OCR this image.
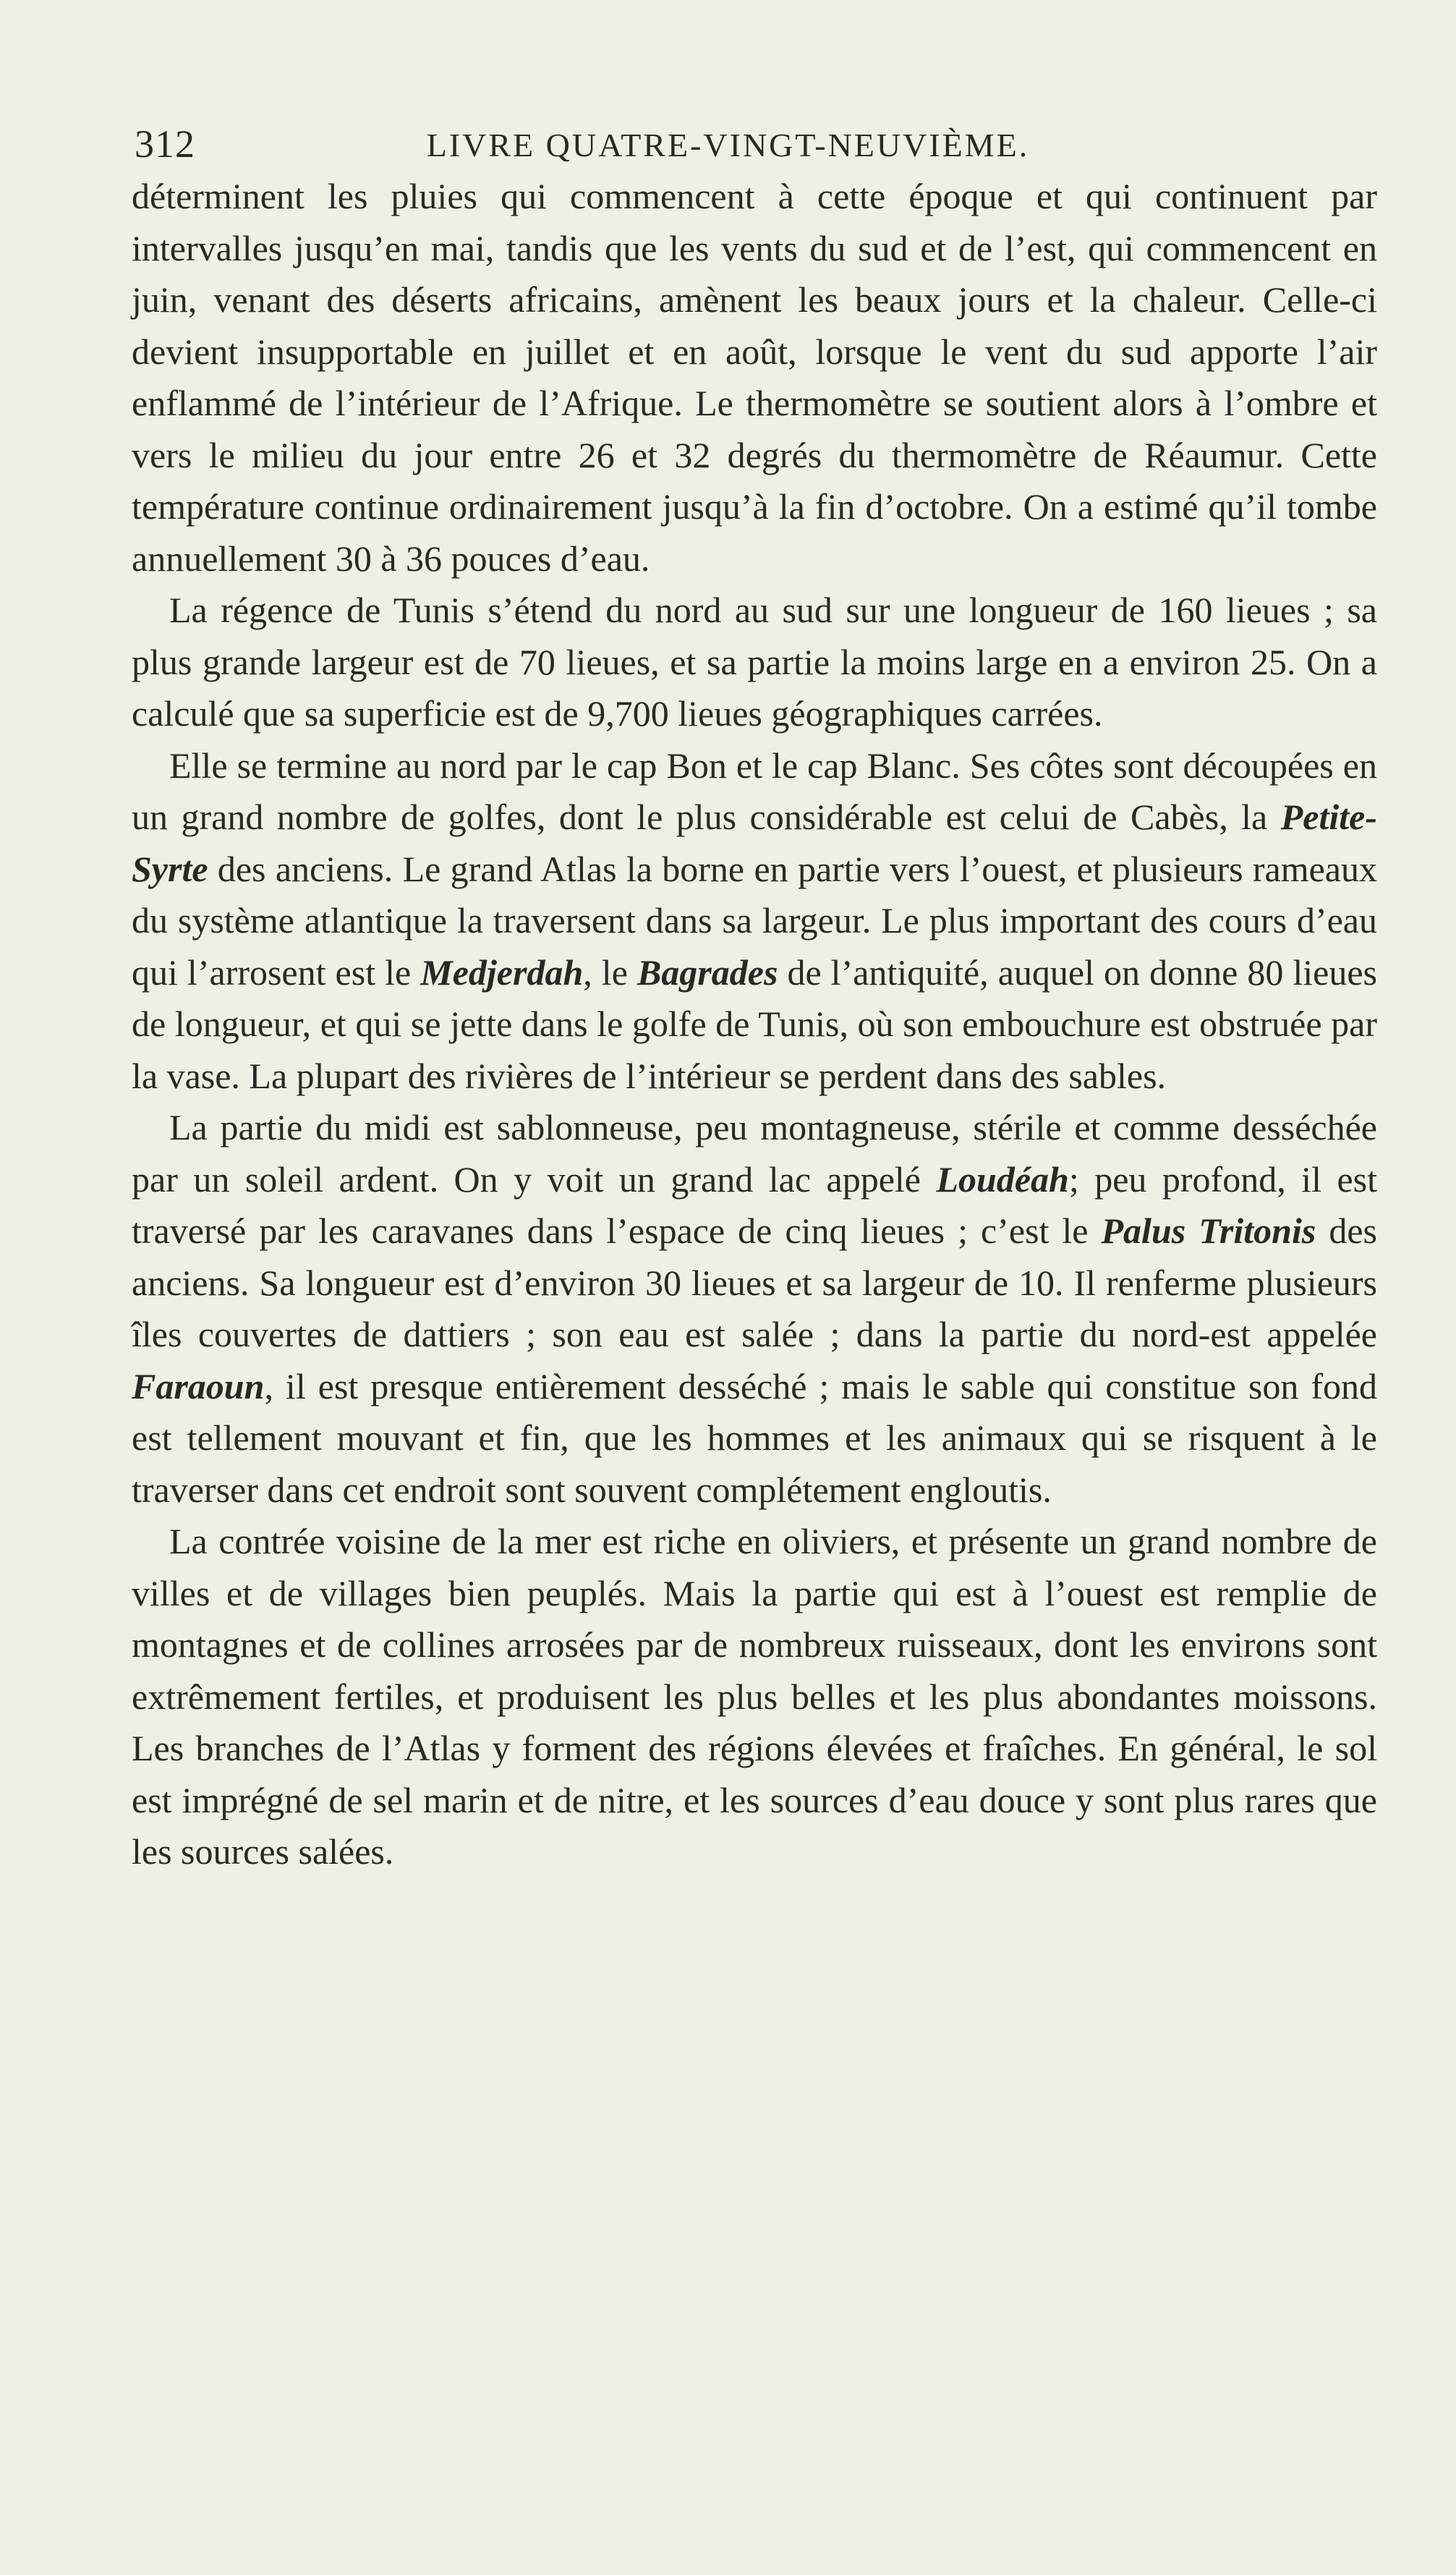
312	LIVRE QUATRE-VINGT-NEUVIÈME.

déterminent les pluies qui commencent à cette époque et qui continuent par intervalles jusqu’en mai, tandis que les vents du sud et de l’est, qui commencent en juin, venant des déserts africains, amènent les beaux jours et la chaleur. Celle-ci devient insupportable en juillet et en août, lorsque le vent du sud apporte l’air enflammé de l’intérieur de l’Afrique. Le thermomètre se soutient alors à l’ombre et vers le milieu du jour entre 26 et 32 degrés du thermomètre de Réaumur. Cette température continue ordinairement jusqu’à la fin d’octobre. On a estimé qu’il tombe annuellement 30 à 36 pouces d’eau.

La régence de Tunis s’étend du nord au sud sur une longueur de 160 lieues ; sa plus grande largeur est de 70 lieues, et sa partie la moins large en a environ 25. On a calculé que sa superficie est de 9,700 lieues géographiques carrées.

Elle se termine au nord par le cap Bon et le cap Blanc. Ses côtes sont découpées en un grand nombre de golfes, dont le plus considérable est celui de Cabès, la Petite-Syrte des anciens. Le grand Atlas la borne en partie vers l’ouest, et plusieurs rameaux du système atlantique la traversent dans sa largeur. Le plus important des cours d’eau qui l’arrosent est le Medjerdah, le Bagrades de l’antiquité, auquel on donne 80 lieues de longueur, et qui se jette dans le golfe de Tunis, où son embouchure est obstruée par la vase. La plupart des rivières de l’intérieur se perdent dans des sables.

La partie du midi est sablonneuse, peu montagneuse, stérile et comme desséchée par un soleil ardent. On y voit un grand lac appelé Loudéah; peu profond, il est traversé par les caravanes dans l’espace de cinq lieues ; c’est le Palus Tritonis des anciens. Sa longueur est d’environ 30 lieues et sa largeur de 10. Il renferme plusieurs îles couvertes de dattiers ; son eau est salée ; dans la partie du nord-est appelée Faraoun, il est presque entièrement desséché ; mais le sable qui constitue son fond est tellement mouvant et fin, que les hommes et les animaux qui se risquent à le traverser dans cet endroit sont souvent complétement engloutis.

La contrée voisine de la mer est riche en oliviers, et présente un grand nombre de villes et de villages bien peuplés. Mais la partie qui est à l’ouest est remplie de montagnes et de collines arrosées par de nombreux ruisseaux, dont les environs sont extrêmement fertiles, et produisent les plus belles et les plus abondantes moissons. Les branches de l’Atlas y forment des régions élevées et fraîches. En général, le sol est imprégné de sel marin et de nitre, et les sources d’eau douce y sont plus rares que les sources salées.
